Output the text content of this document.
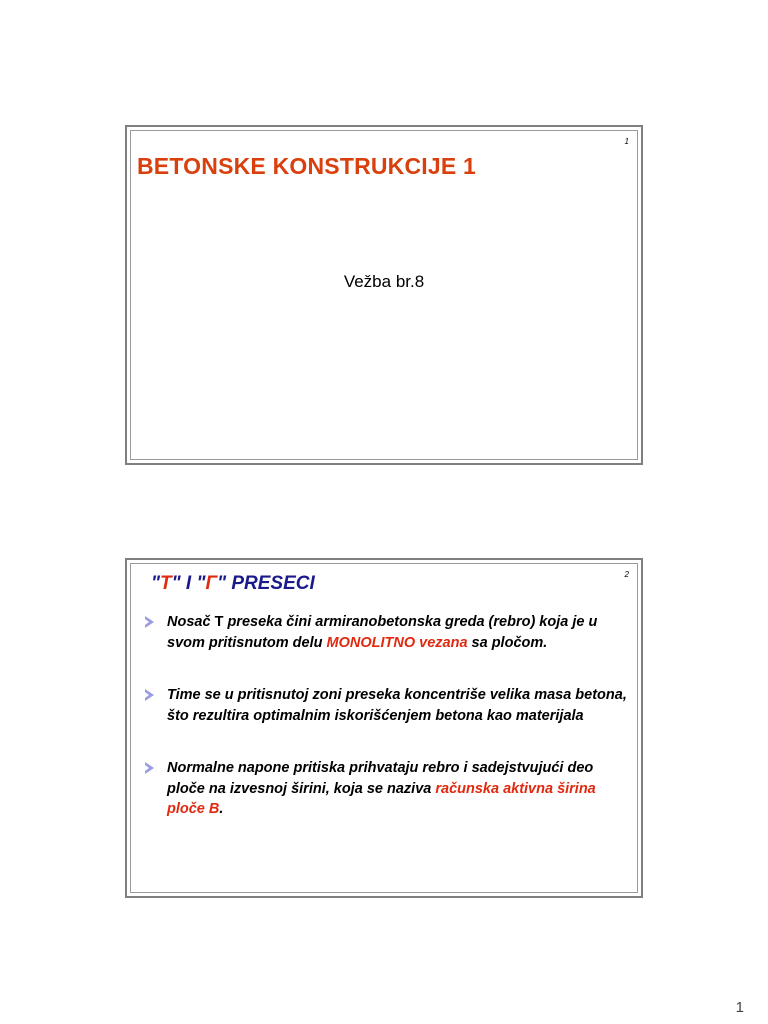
1
BETONSKE KONSTRUKCIJE 1
Vežba br.8
2
"T" I "Γ" PRESECI
Nosač T preseka čini armiranobetonska greda (rebro) koja je u svom pritisnutom delu MONOLITNO vezana sa pločom.
Time se u pritisnutoj zoni preseka koncentriše velika masa betona, što rezultira optimalnim iskorišćenjem betona kao materijala
Normalne napone pritiska prihvataju rebro i sadejstvujući deo ploče na izvesnoj širini, koja se naziva računska aktivna širina ploče B.
1
